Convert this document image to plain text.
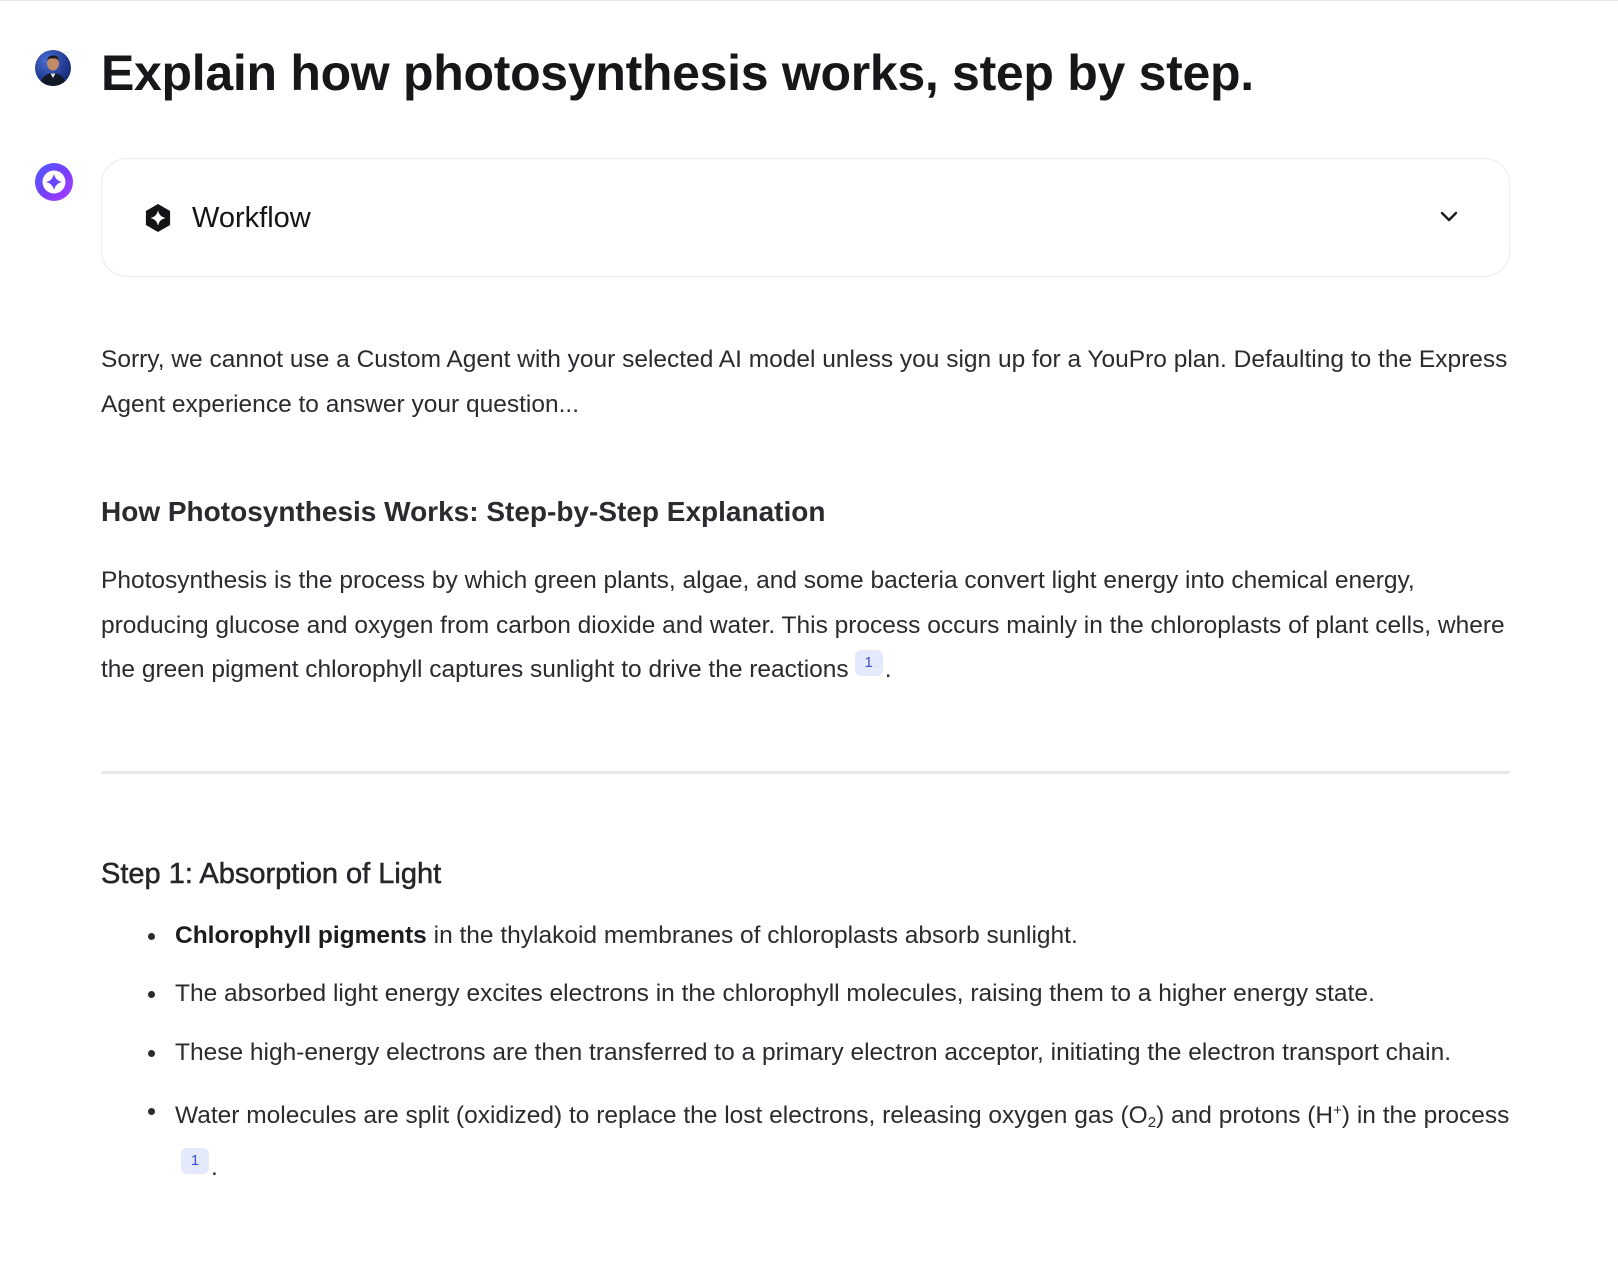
Explain how photosynthesis works, step by step.
Workflow

Sorry, we cannot use a Custom Agent with your selected AI model unless you sign up for a YouPro plan. Defaulting to the Express Agent experience to answer your question...

How Photosynthesis Works: Step-by-Step Explanation

Photosynthesis is the process by which green plants, algae, and some bacteria convert light energy into chemical energy, producing glucose and oxygen from carbon dioxide and water. This process occurs mainly in the chloroplasts of plant cells, where the green pigment chlorophyll captures sunlight to drive the reactions 1 .

Step 1: Absorption of Light
Chlorophyll pigments in the thylakoid membranes of chloroplasts absorb sunlight.
The absorbed light energy excites electrons in the chlorophyll molecules, raising them to a higher energy state.
These high-energy electrons are then transferred to a primary electron acceptor, initiating the electron transport chain.
Water molecules are split (oxidized) to replace the lost electrons, releasing oxygen gas $(O_2)$ and protons (H+) in the process1 .
